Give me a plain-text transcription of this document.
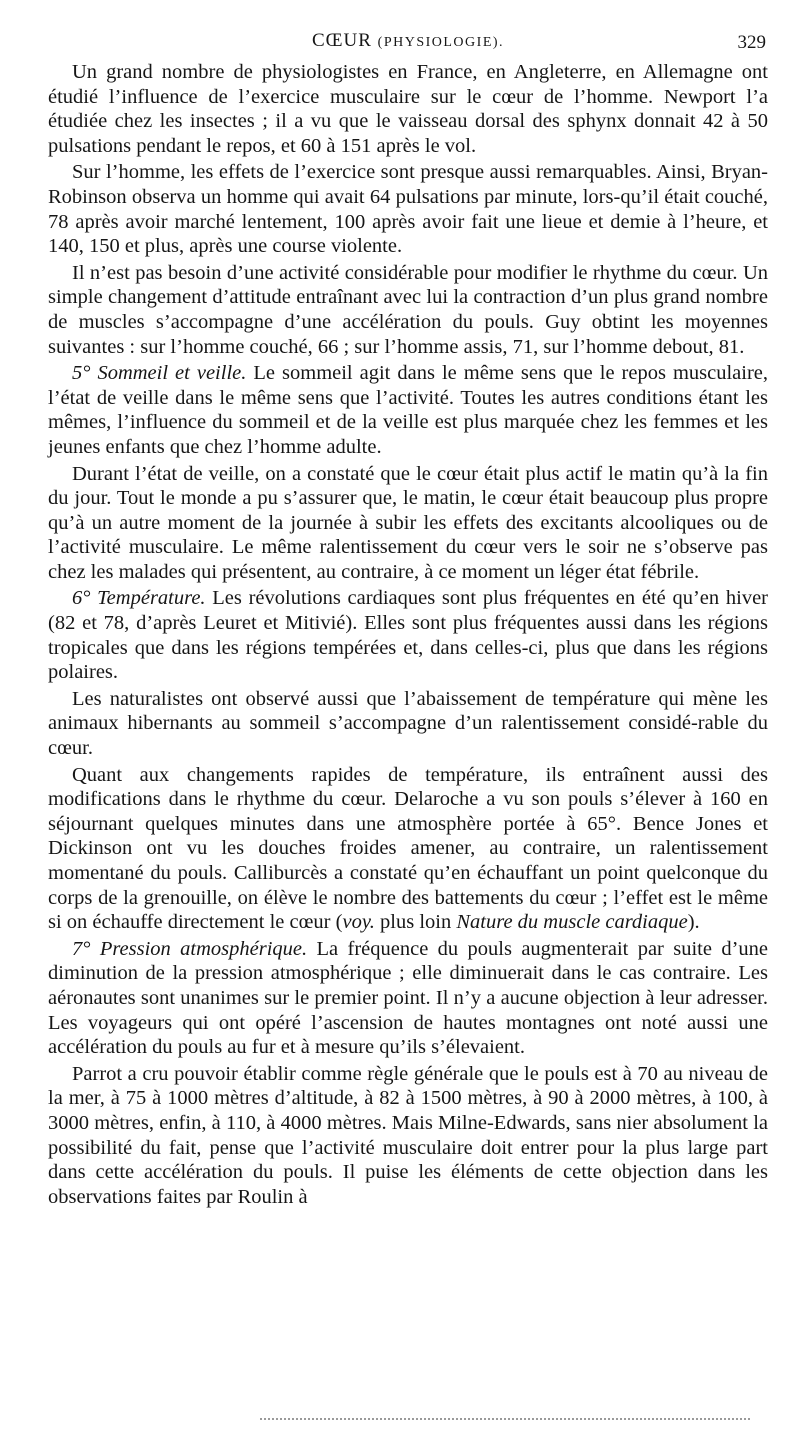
CŒUR (PHYSIOLOGIE).	329

Un grand nombre de physiologistes en France, en Angleterre, en Allemagne ont étudié l’influence de l’exercice musculaire sur le cœur de l’homme. Newport l’a étudiée chez les insectes ; il a vu que le vaisseau dorsal des sphynx donnait 42 à 50 pulsations pendant le repos, et 60 à 151 après le vol.

Sur l’homme, les effets de l’exercice sont presque aussi remarquables. Ainsi, Bryan-Robinson observa un homme qui avait 64 pulsations par minute, lors-qu’il était couché, 78 après avoir marché lentement, 100 après avoir fait une lieue et demie à l’heure, et 140, 150 et plus, après une course violente.

Il n’est pas besoin d’une activité considérable pour modifier le rhythme du cœur. Un simple changement d’attitude entraînant avec lui la contraction d’un plus grand nombre de muscles s’accompagne d’une accélération du pouls. Guy obtint les moyennes suivantes : sur l’homme couché, 66 ; sur l’homme assis, 71, sur l’homme debout, 81.

5° Sommeil et veille. Le sommeil agit dans le même sens que le repos musculaire, l’état de veille dans le même sens que l’activité. Toutes les autres conditions étant les mêmes, l’influence du sommeil et de la veille est plus marquée chez les femmes et les jeunes enfants que chez l’homme adulte.

Durant l’état de veille, on a constaté que le cœur était plus actif le matin qu’à la fin du jour. Tout le monde a pu s’assurer que, le matin, le cœur était beaucoup plus propre qu’à un autre moment de la journée à subir les effets des excitants alcooliques ou de l’activité musculaire. Le même ralentissement du cœur vers le soir ne s’observe pas chez les malades qui présentent, au contraire, à ce moment un léger état fébrile.

6° Température. Les révolutions cardiaques sont plus fréquentes en été qu’en hiver (82 et 78, d’après Leuret et Mitivié). Elles sont plus fréquentes aussi dans les régions tropicales que dans les régions tempérées et, dans celles-ci, plus que dans les régions polaires.

Les naturalistes ont observé aussi que l’abaissement de température qui mène les animaux hibernants au sommeil s’accompagne d’un ralentissement considé-rable du cœur.

Quant aux changements rapides de température, ils entraînent aussi des modifications dans le rhythme du cœur. Delaroche a vu son pouls s’élever à 160 en séjournant quelques minutes dans une atmosphère portée à 65°. Bence Jones et Dickinson ont vu les douches froides amener, au contraire, un ralentissement momentané du pouls. Calliburcès a constaté qu’en échauffant un point quelconque du corps de la grenouille, on élève le nombre des battements du cœur ; l’effet est le même si on échauffe directement le cœur (voy. plus loin Nature du muscle cardiaque).

7° Pression atmosphérique. La fréquence du pouls augmenterait par suite d’une diminution de la pression atmosphérique ; elle diminuerait dans le cas contraire. Les aéronautes sont unanimes sur le premier point. Il n’y a aucune objection à leur adresser. Les voyageurs qui ont opéré l’ascension de hautes montagnes ont noté aussi une accélération du pouls au fur et à mesure qu’ils s’élevaient.

Parrot a cru pouvoir établir comme règle générale que le pouls est à 70 au niveau de la mer, à 75 à 1000 mètres d’altitude, à 82 à 1500 mètres, à 90 à 2000 mètres, à 100, à 3000 mètres, enfin, à 110, à 4000 mètres. Mais Milne-Edwards, sans nier absolument la possibilité du fait, pense que l’activité musculaire doit entrer pour la plus large part dans cette accélération du pouls. Il puise les éléments de cette objection dans les observations faites par Roulin à
